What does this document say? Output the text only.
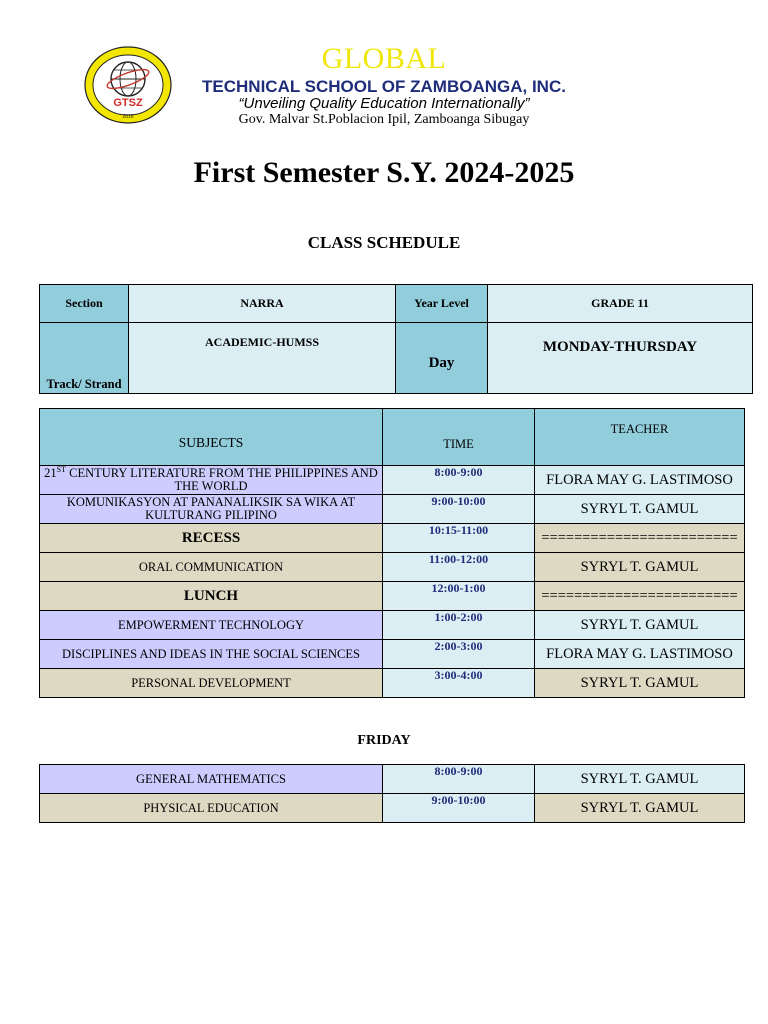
GTSZ
2016
GLOBAL
TECHNICAL SCHOOL OF ZAMBOANGA, INC.
“Unveiling Quality Education Internationally”
Gov. Malvar St.Poblacion Ipil, Zamboanga Sibugay
First Semester S.Y. 2024-2025
CLASS SCHEDULE
Section	NARRA	Year Level	GRADE 11
Track/ Strand	ACADEMIC-HUMSS	Day	MONDAY-THURSDAY
SUBJECTS	TIME	TEACHER
21ST CENTURY LITERATURE FROM THE PHILIPPINES AND THE WORLD	8:00-9:00	FLORA MAY G. LASTIMOSO
KOMUNIKASYON AT PANANALIKSIK SA WIKA AT KULTURANG PILIPINO	9:00-10:00	SYRYL T. GAMUL
RECESS	10:15-11:00	========================
ORAL COMMUNICATION	11:00-12:00	SYRYL T. GAMUL
LUNCH	12:00-1:00	========================
EMPOWERMENT TECHNOLOGY	1:00-2:00	SYRYL T. GAMUL
DISCIPLINES AND IDEAS IN THE SOCIAL SCIENCES	2:00-3:00	FLORA MAY G. LASTIMOSO
PERSONAL DEVELOPMENT	3:00-4:00	SYRYL T. GAMUL
FRIDAY
GENERAL MATHEMATICS	8:00-9:00	SYRYL T. GAMUL
PHYSICAL EDUCATION	9:00-10:00	SYRYL T. GAMUL
